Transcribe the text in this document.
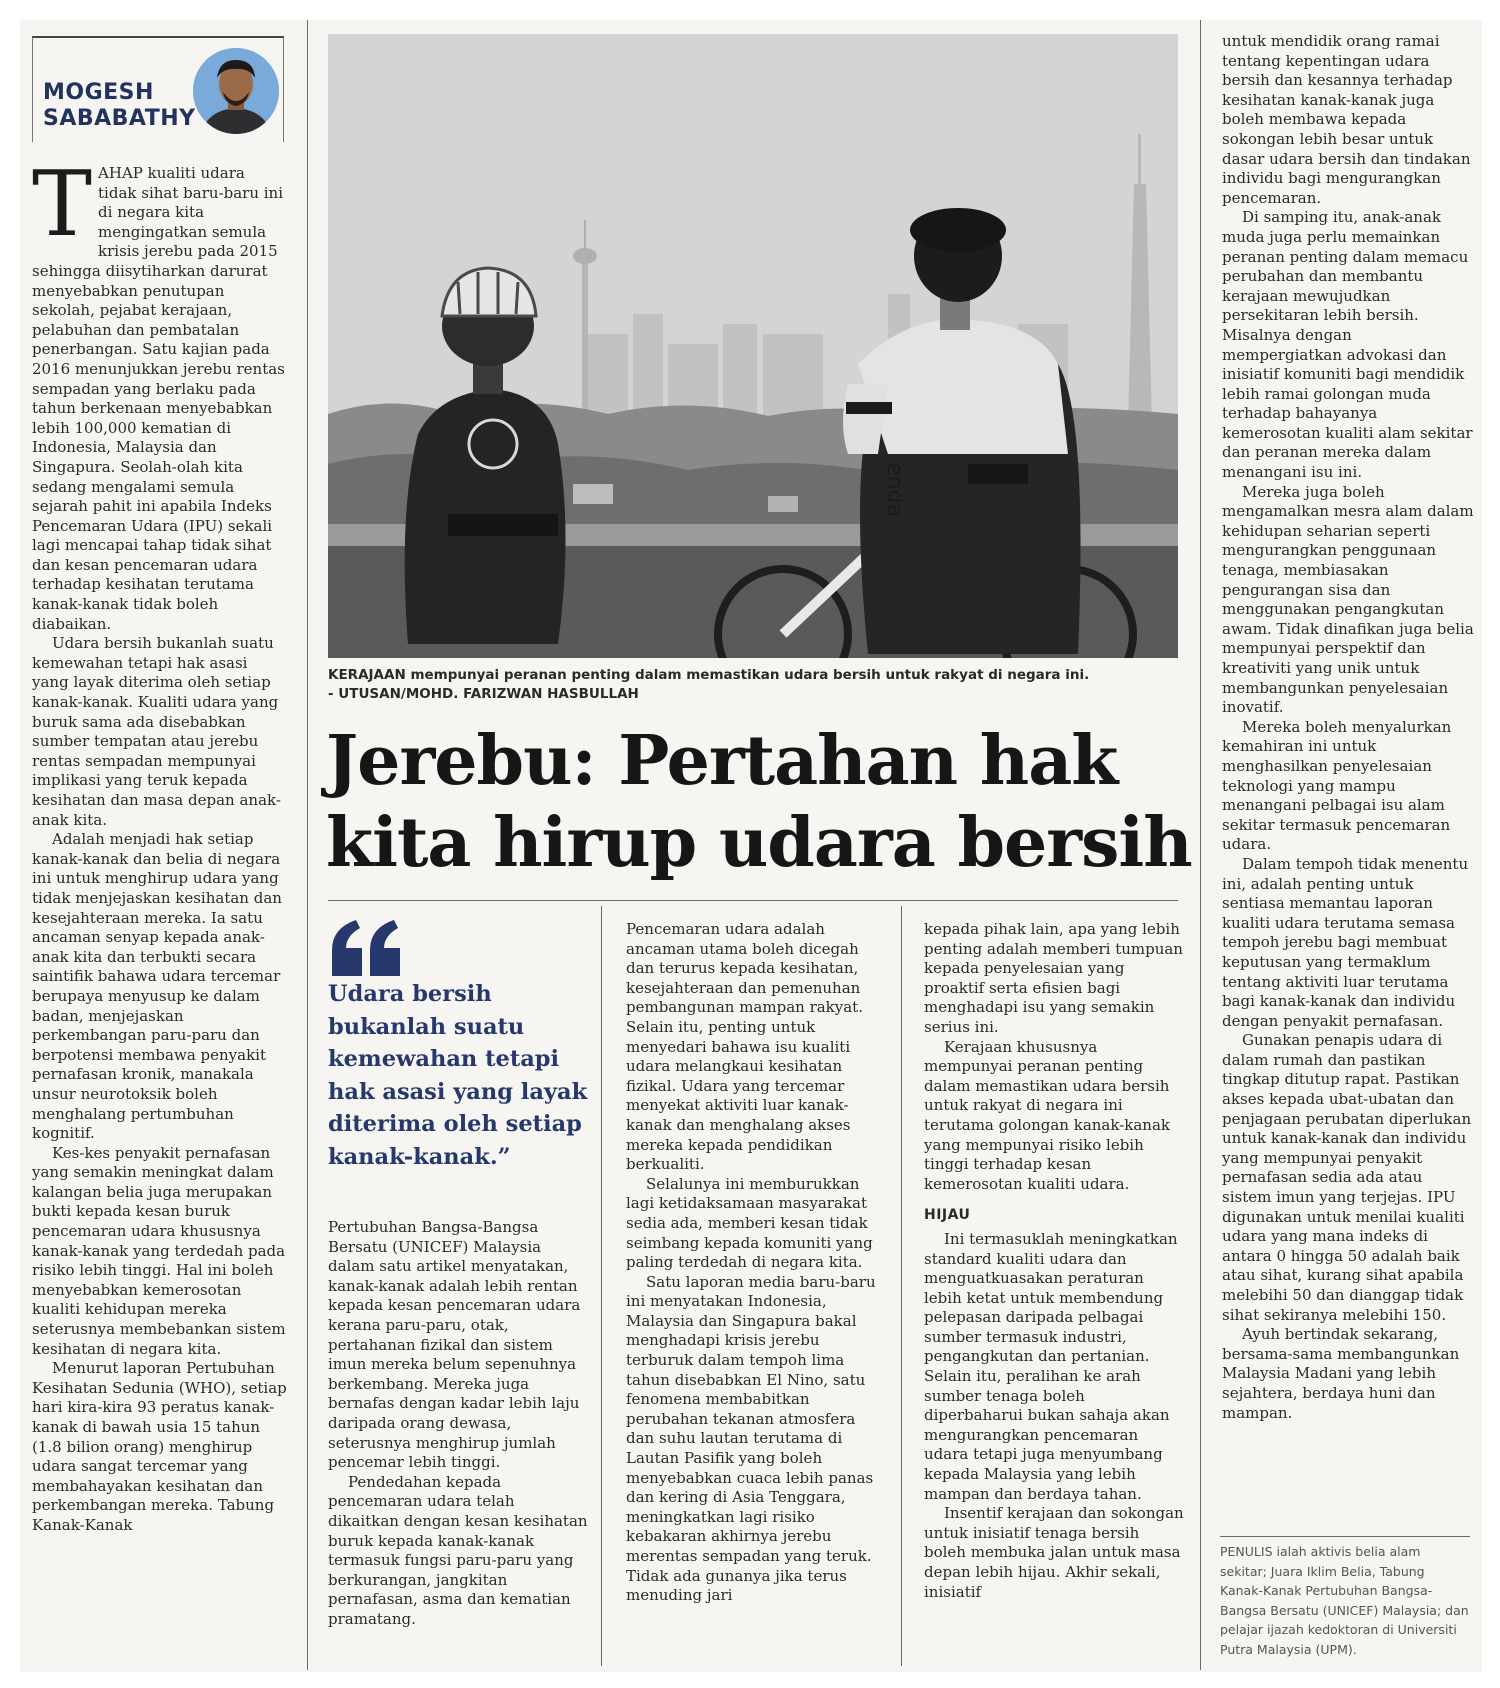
MOGESH
SABABATHY

TAHAP kualiti udara tidak sihat baru-baru ini di negara kita mengingatkan semula krisis jerebu pada 2015 sehingga diisytiharkan darurat menyebabkan penutupan sekolah, pejabat kerajaan, pelabuhan dan pembatalan penerbangan. Satu kajian pada 2016 menunjukkan jerebu rentas sempadan yang berlaku pada tahun berkenaan menyebabkan lebih 100,000 kematian di Indonesia, Malaysia dan Singapura. Seolah-olah kita sedang mengalami semula sejarah pahit ini apabila Indeks Pencemaran Udara (IPU) sekali lagi mencapai tahap tidak sihat dan kesan pencemaran udara terhadap kesihatan terutama kanak-kanak tidak boleh diabaikan.

Udara bersih bukanlah suatu kemewahan tetapi hak asasi yang layak diterima oleh setiap kanak-kanak. Kualiti udara yang buruk sama ada disebabkan sumber tempatan atau jerebu rentas sempadan mempunyai implikasi yang teruk kepada kesihatan dan masa depan anak-anak kita.

Adalah menjadi hak setiap kanak-kanak dan belia di negara ini untuk menghirup udara yang tidak menjejaskan kesihatan dan kesejahteraan mereka. Ia satu ancaman senyap kepada anak-anak kita dan terbukti secara saintifik bahawa udara tercemar berupaya menyusup ke dalam badan, menjejaskan perkembangan paru-paru dan berpotensi membawa penyakit pernafasan kronik, manakala unsur neurotoksik boleh menghalang pertumbuhan kognitif.

Kes-kes penyakit pernafasan yang semakin meningkat dalam kalangan belia juga merupakan bukti kepada kesan buruk pencemaran udara khususnya kanak-kanak yang terdedah pada risiko lebih tinggi. Hal ini boleh menyebabkan kemerosotan kualiti kehidupan mereka seterusnya membebankan sistem kesihatan di negara kita.

Menurut laporan Pertubuhan Kesihatan Sedunia (WHO), setiap hari kira-kira 93 peratus kanak-kanak di bawah usia 15 tahun (1.8 bilion orang) menghirup udara sangat tercemar yang membahayakan kesihatan dan perkembangan mereka. Tabung Kanak-Kanak

enda
KERAJAAN mempunyai peranan penting dalam memastikan udara bersih untuk rakyat di negara ini.
- UTUSAN/MOHD. FARIZWAN HASBULLAH
Jerebu: Pertahan hak
kita hirup udara bersih
Udara bersih bukanlah suatu kemewahan tetapi hak asasi yang layak diterima oleh setiap kanak-kanak.”

Pertubuhan Bangsa-Bangsa Bersatu (UNICEF) Malaysia dalam satu artikel menyatakan, kanak-kanak adalah lebih rentan kepada kesan pencemaran udara kerana paru-paru, otak, pertahanan fizikal dan sistem imun mereka belum sepenuhnya berkembang. Mereka juga bernafas dengan kadar lebih laju daripada orang dewasa, seterusnya menghirup jumlah pencemar lebih tinggi.

Pendedahan kepada pencemaran udara telah dikaitkan dengan kesan kesihatan buruk kepada kanak-kanak termasuk fungsi paru-paru yang berkurangan, jangkitan pernafasan, asma dan kematian pramatang.

Pencemaran udara adalah ancaman utama boleh dicegah dan terurus kepada kesihatan, kesejahteraan dan pemenuhan pembangunan mampan rakyat. Selain itu, penting untuk menyedari bahawa isu kualiti udara melangkaui kesihatan fizikal. Udara yang tercemar menyekat aktiviti luar kanak-kanak dan menghalang akses mereka kepada pendidikan berkualiti.

Selalunya ini memburukkan lagi ketidaksamaan masyarakat sedia ada, memberi kesan tidak seimbang kepada komuniti yang paling terdedah di negara kita.

Satu laporan media baru-baru ini menyatakan Indonesia, Malaysia dan Singapura bakal menghadapi krisis jerebu terburuk dalam tempoh lima tahun disebabkan El Nino, satu fenomena membabitkan perubahan tekanan atmosfera dan suhu lautan terutama di Lautan Pasifik yang boleh menyebabkan cuaca lebih panas dan kering di Asia Tenggara, meningkatkan lagi risiko kebakaran akhirnya jerebu merentas sempadan yang teruk. Tidak ada gunanya jika terus menuding jari

kepada pihak lain, apa yang lebih penting adalah memberi tumpuan kepada penyelesaian yang proaktif serta efisien bagi menghadapi isu yang semakin serius ini.

Kerajaan khususnya mempunyai peranan penting dalam memastikan udara bersih untuk rakyat di negara ini terutama golongan kanak-kanak yang mempunyai risiko lebih tinggi terhadap kesan kemerosotan kualiti udara.

HIJAU

Ini termasuklah meningkatkan standard kualiti udara dan menguatkuasakan peraturan lebih ketat untuk membendung pelepasan daripada pelbagai sumber termasuk industri, pengangkutan dan pertanian. Selain itu, peralihan ke arah sumber tenaga boleh diperbaharui bukan sahaja akan mengurangkan pencemaran udara tetapi juga menyumbang kepada Malaysia yang lebih mampan dan berdaya tahan.

Insentif kerajaan dan sokongan untuk inisiatif tenaga bersih boleh membuka jalan untuk masa depan lebih hijau. Akhir sekali, inisiatif

untuk mendidik orang ramai tentang kepentingan udara bersih dan kesannya terhadap kesihatan kanak-kanak juga boleh membawa kepada sokongan lebih besar untuk dasar udara bersih dan tindakan individu bagi mengurangkan pencemaran.

Di samping itu, anak-anak muda juga perlu memainkan peranan penting dalam memacu perubahan dan membantu kerajaan mewujudkan persekitaran lebih bersih. Misalnya dengan mempergiatkan advokasi dan inisiatif komuniti bagi mendidik lebih ramai golongan muda terhadap bahayanya kemerosotan kualiti alam sekitar dan peranan mereka dalam menangani isu ini.

Mereka juga boleh mengamalkan mesra alam dalam kehidupan seharian seperti mengurangkan penggunaan tenaga, membiasakan pengurangan sisa dan menggunakan pengangkutan awam. Tidak dinafikan juga belia mempunyai perspektif dan kreativiti yang unik untuk membangunkan penyelesaian inovatif.

Mereka boleh menyalurkan kemahiran ini untuk menghasilkan penyelesaian teknologi yang mampu menangani pelbagai isu alam sekitar termasuk pencemaran udara.

Dalam tempoh tidak menentu ini, adalah penting untuk sentiasa memantau laporan kualiti udara terutama semasa tempoh jerebu bagi membuat keputusan yang termaklum tentang aktiviti luar terutama bagi kanak-kanak dan individu dengan penyakit pernafasan.

Gunakan penapis udara di dalam rumah dan pastikan tingkap ditutup rapat. Pastikan akses kepada ubat-ubatan dan penjagaan perubatan diperlukan untuk kanak-kanak dan individu yang mempunyai penyakit pernafasan sedia ada atau sistem imun yang terjejas. IPU digunakan untuk menilai kualiti udara yang mana indeks di antara 0 hingga 50 adalah baik atau sihat, kurang sihat apabila melebihi 50 dan dianggap tidak sihat sekiranya melebihi 150.

Ayuh bertindak sekarang, bersama-sama membangunkan Malaysia Madani yang lebih sejahtera, berdaya huni dan mampan.

PENULIS ialah aktivis belia alam sekitar; Juara Iklim Belia, Tabung Kanak-Kanak Pertubuhan Bangsa-Bangsa Bersatu (UNICEF) Malaysia; dan pelajar ijazah kedoktoran di Universiti Putra Malaysia (UPM).
